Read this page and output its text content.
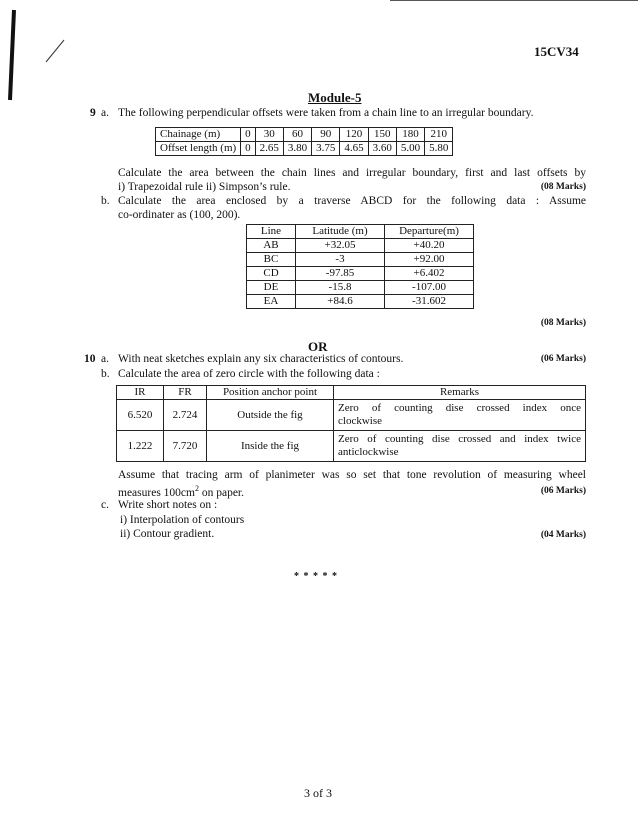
15CV34
Module-5
9 a. The following perpendicular offsets were taken from a chain line to an irregular boundary.
Chainage (m)	0	30	60	90	120	150	180	210
Offset length (m)	0	2.65	3.80	3.75	4.65	3.60	5.00	5.80
Calculate the area between the chain lines and irregular boundary, first and last offsets by
i) Trapezoidal rule ii) Simpson’s rule.	(08 Marks)
b. Calculate the area enclosed by a traverse ABCD for the following data : Assume
co-ordinater as (100, 200).
Line	Latitude (m)	Departure(m)
AB	+32.05	+40.20
BC	-3	+92.00
CD	-97.85	+6.402
DE	-15.8	-107.00
EA	+84.6	-31.602
(08 Marks)
OR
10 a. With neat sketches explain any six characteristics of contours.	(06 Marks)
b. Calculate the area of zero circle with the following data :
IR	FR	Position anchor point	Remarks
6.520	2.724	Outside the fig	Zero of counting dise crossed index once
clockwise

1.222	7.720	Inside the fig	Zero of counting dise crossed and index twice
anticlockwise
Assume that tracing arm of planimeter was so set that tone revolution of measuring wheel
measures $100cm^2$ on paper.	(06 Marks)
c. Write short notes on :
i) Interpolation of contours
ii) Contour gradient.	(04 Marks)
* * * * *
3 of 3
